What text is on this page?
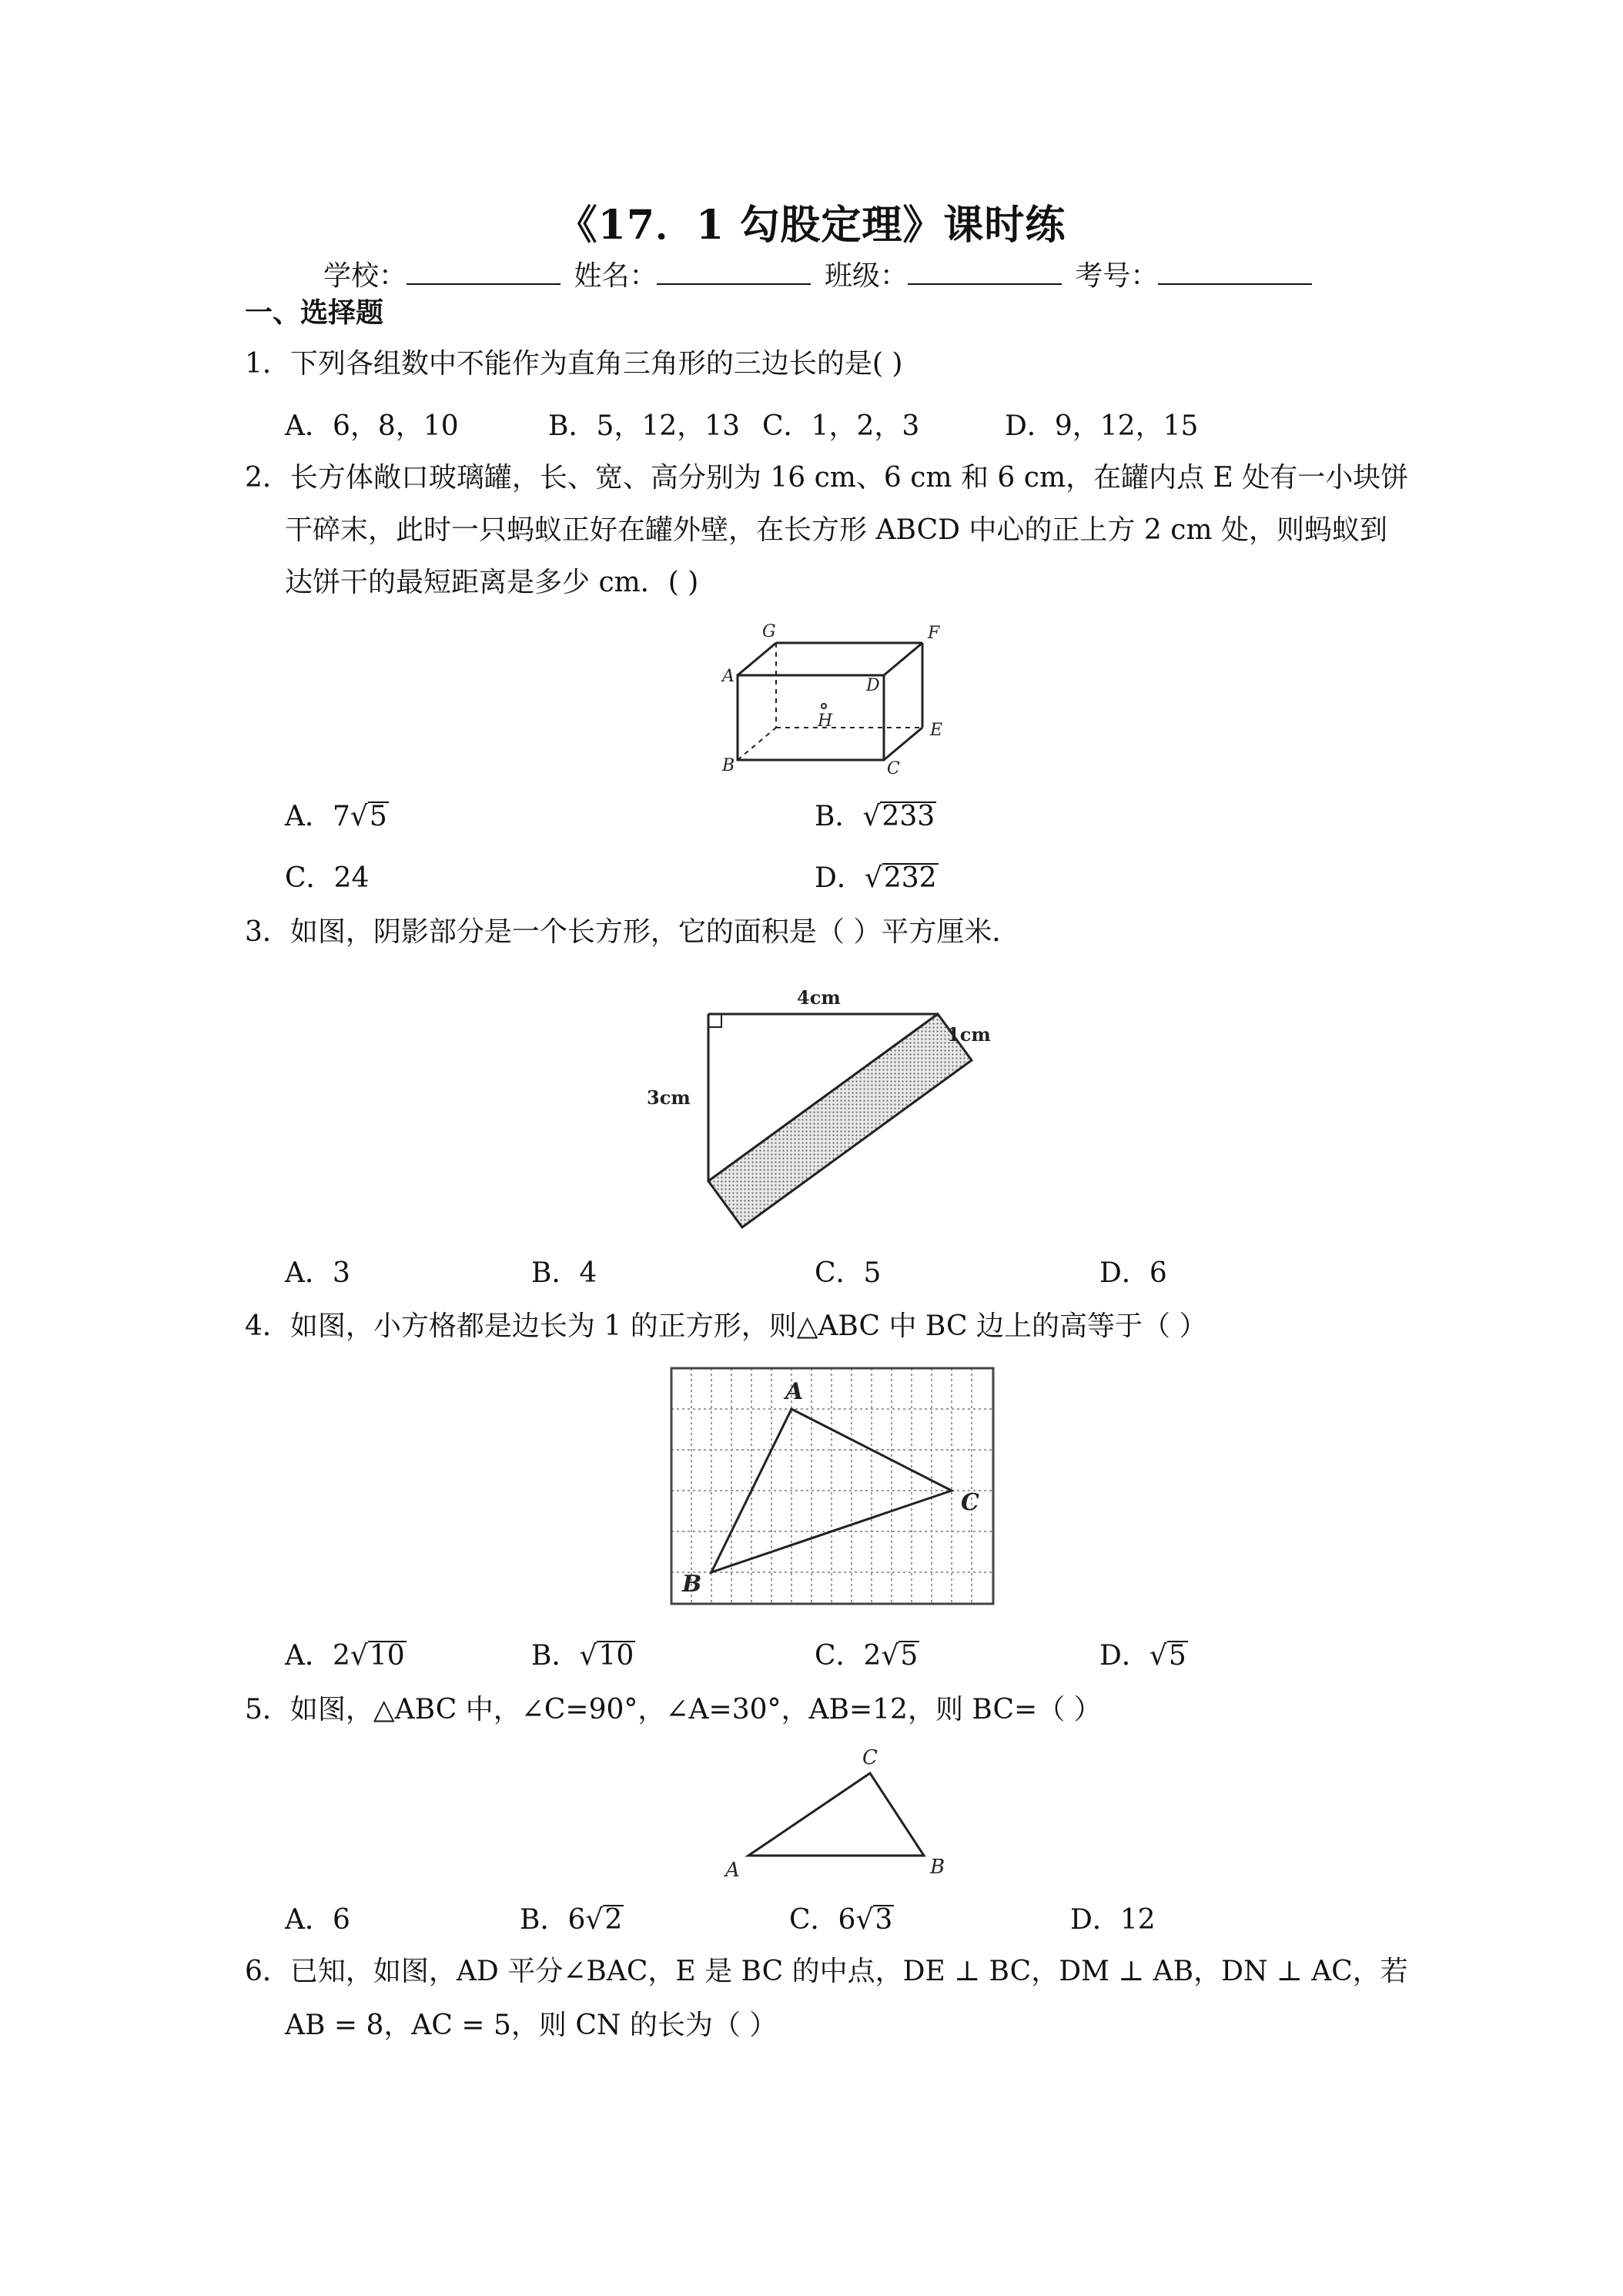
《17．1 勾股定理》课时练
学校：	姓名：	班级：	考号：
一、选择题
1．下列各组数中不能作为直角三角形的三边长的是( )
A．6，8，10	B．5，12，13 C．1，2，3	D．9，12，15
2．长方体敞口玻璃罐，长、宽、高分别为 16 cm、6 cm 和 6 cm，在罐内点 E 处有一小块饼
干碎末，此时一只蚂蚁正好在罐外壁，在长方形 ABCD 中心的正上方 2 cm 处，则蚂蚁到
达饼干的最短距离是多少 cm．( )
G	F
A	D
H	E
B	C
A．7√5	B．√233
C．24	D．√232
3．如图，阴影部分是一个长方形，它的面积是（ ）平方厘米．
4cm
1cm
3cm
A．3	B．4	C．5	D．6
4．如图，小方格都是边长为 1 的正方形，则△ABC 中 BC 边上的高等于（ ）
A
C
B
A．2√10	B．√10	C．2√5	D．√5
5．如图，△ABC 中，∠C=90°，∠A=30°，AB=12，则 BC=（ ）
C
A	B
A．6	B．6√2	C．6√3	D．12
6．已知，如图，AD 平分∠BAC，E 是 BC 的中点，DE ⊥ BC，DM ⊥ AB，DN ⊥ AC，若
AB = 8，AC = 5，则 CN 的长为（ ）
